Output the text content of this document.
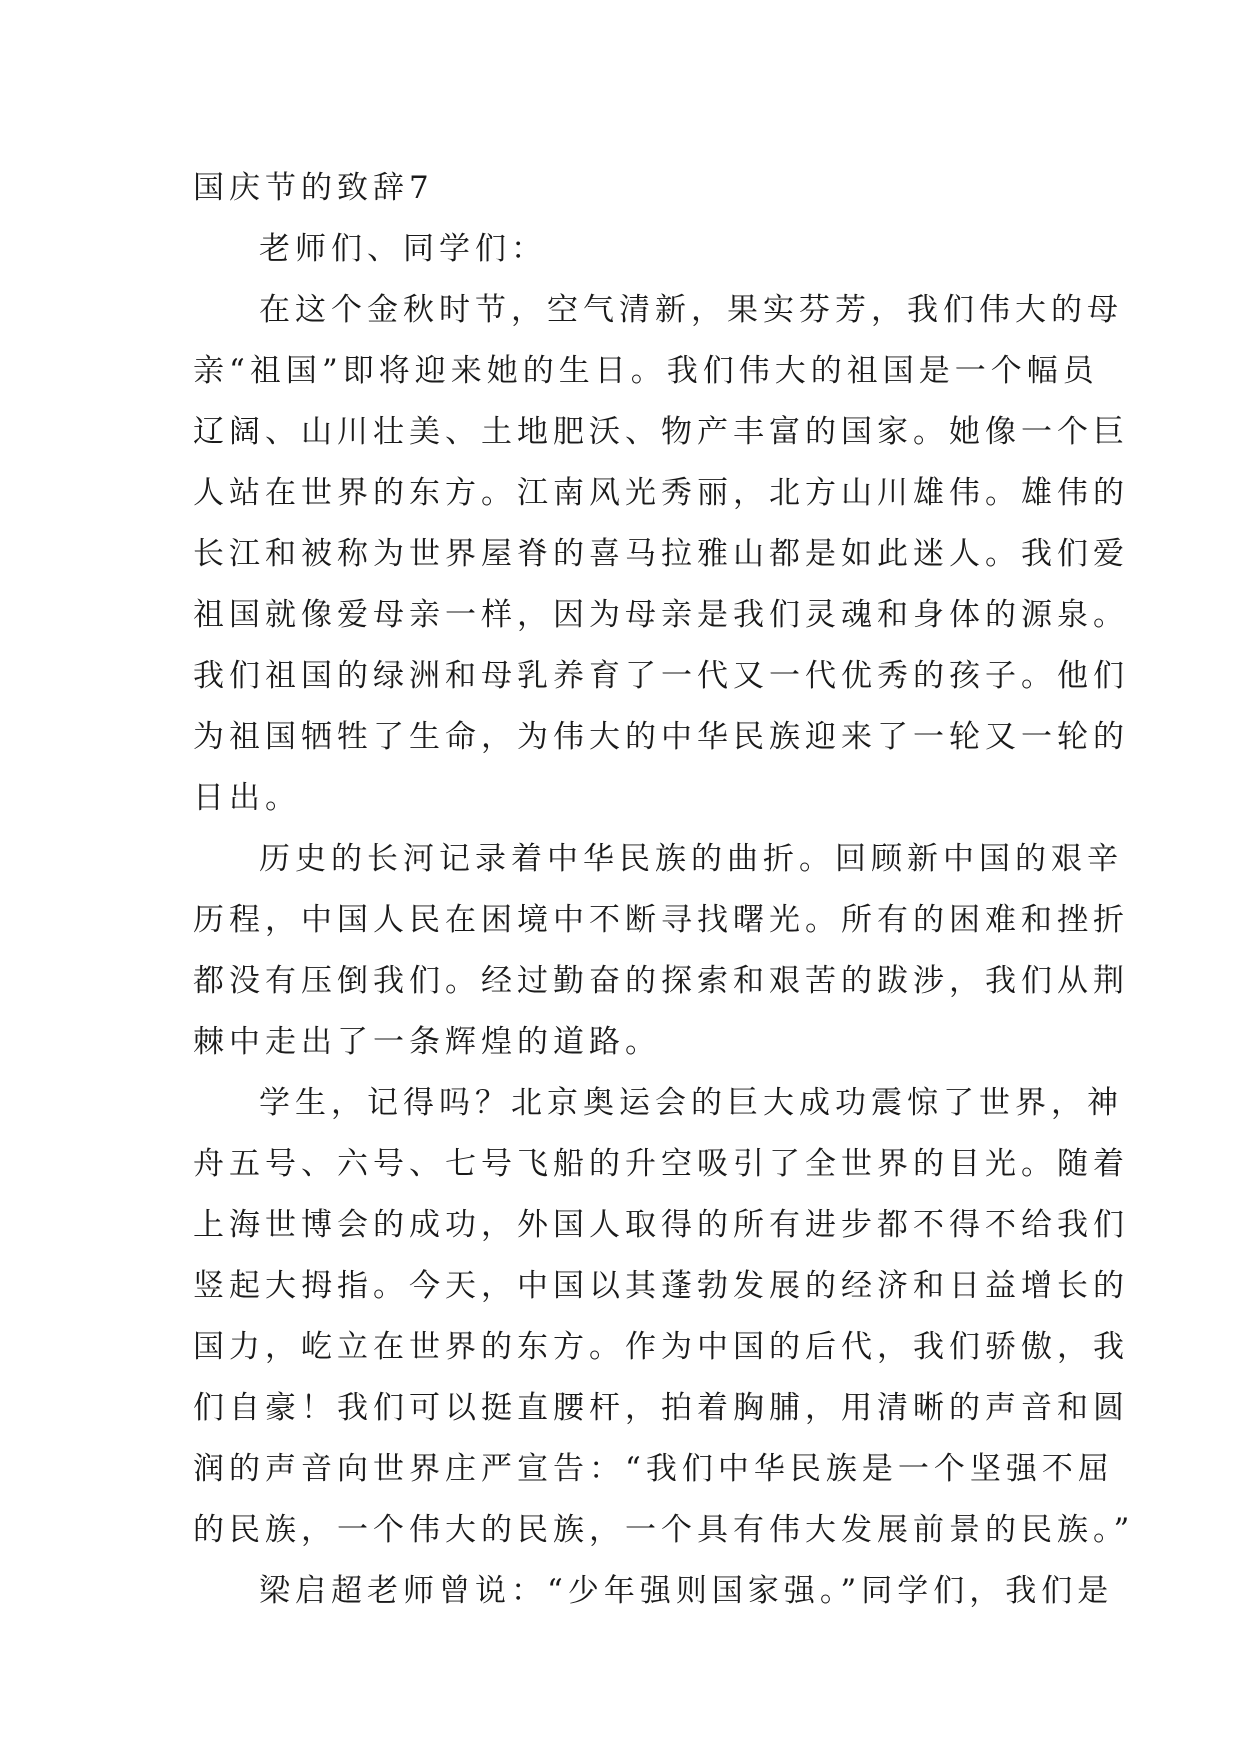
国庆节的致辞7
老师们、同学们：
在这个金秋时节，空气清新，果实芬芳，我们伟大的母
亲“祖国”即将迎来她的生日。我们伟大的祖国是一个幅员
辽阔、山川壮美、土地肥沃、物产丰富的国家。她像一个巨
人站在世界的东方。江南风光秀丽，北方山川雄伟。雄伟的
长江和被称为世界屋脊的喜马拉雅山都是如此迷人。我们爱
祖国就像爱母亲一样，因为母亲是我们灵魂和身体的源泉。
我们祖国的绿洲和母乳养育了一代又一代优秀的孩子。他们
为祖国牺牲了生命，为伟大的中华民族迎来了一轮又一轮的
日出。
历史的长河记录着中华民族的曲折。回顾新中国的艰辛
历程，中国人民在困境中不断寻找曙光。所有的困难和挫折
都没有压倒我们。经过勤奋的探索和艰苦的跋涉，我们从荆
棘中走出了一条辉煌的道路。
学生，记得吗？北京奥运会的巨大成功震惊了世界，神
舟五号、六号、七号飞船的升空吸引了全世界的目光。随着
上海世博会的成功，外国人取得的所有进步都不得不给我们
竖起大拇指。今天，中国以其蓬勃发展的经济和日益增长的
国力，屹立在世界的东方。作为中国的后代，我们骄傲，我
们自豪！我们可以挺直腰杆，拍着胸脯，用清晰的声音和圆
润的声音向世界庄严宣告：“我们中华民族是一个坚强不屈
的民族，一个伟大的民族，一个具有伟大发展前景的民族。”
梁启超老师曾说：“少年强则国家强。”同学们，我们是
